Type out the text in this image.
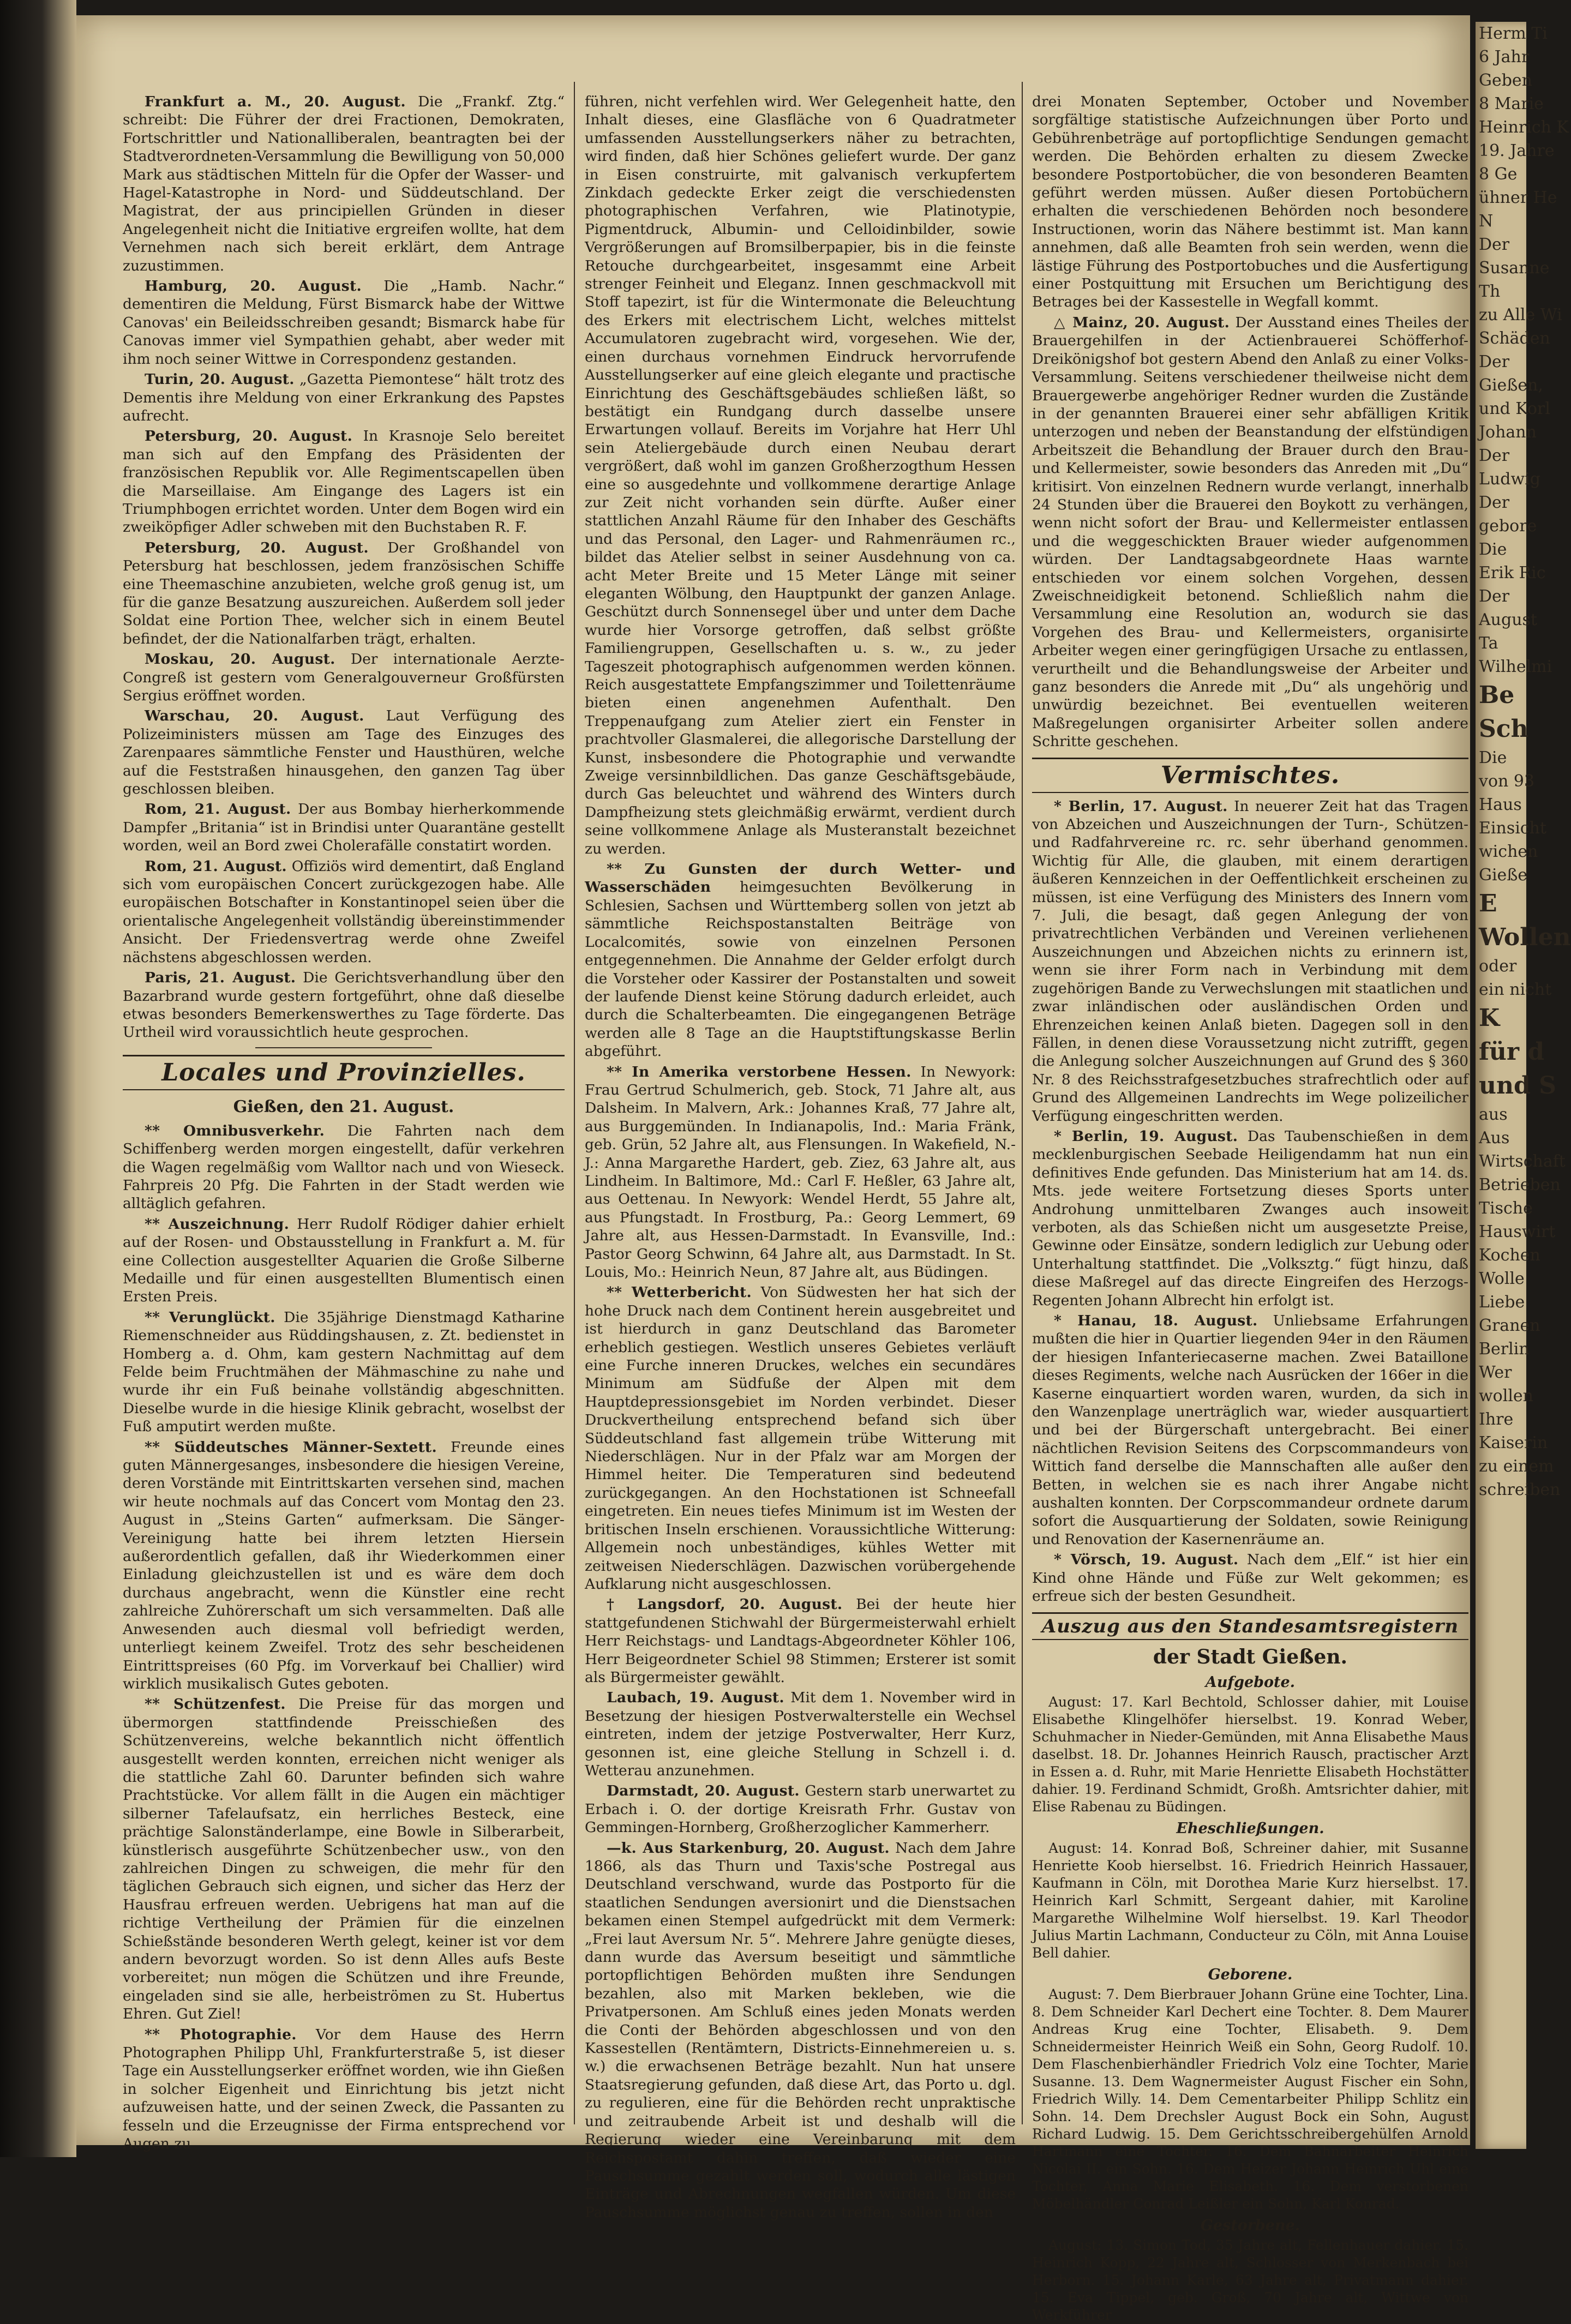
Frankfurt a. M., 20. August. Die „Frankf. Ztg.“ schreibt: Die Führer der drei Fractionen, Demokraten, Fortschrittler und Nationalliberalen, beantragten bei der Stadtverordneten-Versammlung die Bewilligung von 50,000 Mark aus städtischen Mitteln für die Opfer der Wasser- und Hagel-Katastrophe in Nord- und Süddeutschland. Der Magistrat, der aus principiellen Gründen in dieser Angelegenheit nicht die Initiative ergreifen wollte, hat dem Vernehmen nach sich bereit erklärt, dem Antrage zuzustimmen.

Hamburg, 20. August. Die „Hamb. Nachr.“ dementiren die Meldung, Fürst Bismarck habe der Wittwe Canovas' ein Beileidsschreiben gesandt; Bismarck habe für Canovas immer viel Sympathien gehabt, aber weder mit ihm noch seiner Wittwe in Correspondenz gestanden.

Turin, 20. August. „Gazetta Piemontese“ hält trotz des Dementis ihre Meldung von einer Erkrankung des Papstes aufrecht.

Petersburg, 20. August. In Krasnoje Selo bereitet man sich auf den Empfang des Präsidenten der französischen Republik vor. Alle Regimentscapellen üben die Marseillaise. Am Eingange des Lagers ist ein Triumphbogen errichtet worden. Unter dem Bogen wird ein zweiköpfiger Adler schweben mit den Buchstaben R. F.

Petersburg, 20. August. Der Großhandel von Petersburg hat beschlossen, jedem französischen Schiffe eine Theemaschine anzubieten, welche groß genug ist, um für die ganze Besatzung auszureichen. Außerdem soll jeder Soldat eine Portion Thee, welcher sich in einem Beutel befindet, der die Nationalfarben trägt, erhalten.

Moskau, 20. August. Der internationale Aerzte-Congreß ist gestern vom Generalgouverneur Großfürsten Sergius eröffnet worden.

Warschau, 20. August. Laut Verfügung des Polizeiministers müssen am Tage des Einzuges des Zarenpaares sämmtliche Fenster und Hausthüren, welche auf die Feststraßen hinausgehen, den ganzen Tag über geschlossen bleiben.

Rom, 21. August. Der aus Bombay hierherkommende Dampfer „Britania“ ist in Brindisi unter Quarantäne gestellt worden, weil an Bord zwei Cholerafälle constatirt worden.

Rom, 21. August. Offiziös wird dementirt, daß England sich vom europäischen Concert zurückgezogen habe. Alle europäischen Botschafter in Konstantinopel seien über die orientalische Angelegenheit vollständig übereinstimmender Ansicht. Der Friedensvertrag werde ohne Zweifel nächstens abgeschlossen werden.

Paris, 21. August. Die Gerichtsverhandlung über den Bazarbrand wurde gestern fortgeführt, ohne daß dieselbe etwas besonders Bemerkenswerthes zu Tage förderte. Das Urtheil wird voraussichtlich heute gesprochen.

Locales und Provinzielles.
Gießen, den 21. August.

** Omnibusverkehr. Die Fahrten nach dem Schiffenberg werden morgen eingestellt, dafür verkehren die Wagen regelmäßig vom Walltor nach und von Wieseck. Fahrpreis 20 Pfg. Die Fahrten in der Stadt werden wie alltäglich gefahren.

** Auszeichnung. Herr Rudolf Rödiger dahier erhielt auf der Rosen- und Obstausstellung in Frankfurt a. M. für eine Collection ausgestellter Aquarien die Große Silberne Medaille und für einen ausgestellten Blumentisch einen Ersten Preis.

** Verunglückt. Die 35jährige Dienstmagd Katharine Riemenschneider aus Rüddingshausen, z. Zt. bedienstet in Homberg a. d. Ohm, kam gestern Nachmittag auf dem Felde beim Fruchtmähen der Mähmaschine zu nahe und wurde ihr ein Fuß beinahe vollständig abgeschnitten. Dieselbe wurde in die hiesige Klinik gebracht, woselbst der Fuß amputirt werden mußte.

** Süddeutsches Männer-Sextett. Freunde eines guten Männergesanges, insbesondere die hiesigen Vereine, deren Vorstände mit Eintrittskarten versehen sind, machen wir heute nochmals auf das Concert vom Montag den 23. August in „Steins Garten“ aufmerksam. Die Sänger-Vereinigung hatte bei ihrem letzten Hiersein außerordentlich gefallen, daß ihr Wiederkommen einer Einladung gleichzustellen ist und es wäre dem doch durchaus angebracht, wenn die Künstler eine recht zahlreiche Zuhörerschaft um sich versammelten. Daß alle Anwesenden auch diesmal voll befriedigt werden, unterliegt keinem Zweifel. Trotz des sehr bescheidenen Eintrittspreises (60 Pfg. im Vorverkauf bei Challier) wird wirklich musikalisch Gutes geboten.

** Schützenfest. Die Preise für das morgen und übermorgen stattfindende Preisschießen des Schützenvereins, welche bekanntlich nicht öffentlich ausgestellt werden konnten, erreichen nicht weniger als die stattliche Zahl 60. Darunter befinden sich wahre Prachtstücke. Vor allem fällt in die Augen ein mächtiger silberner Tafelaufsatz, ein herrliches Besteck, eine prächtige Salonständerlampe, eine Bowle in Silberarbeit, künstlerisch ausgeführte Schützenbecher usw., von den zahlreichen Dingen zu schweigen, die mehr für den täglichen Gebrauch sich eignen, und sicher das Herz der Hausfrau erfreuen werden. Uebrigens hat man auf die richtige Vertheilung der Prämien für die einzelnen Schießstände besonderen Werth gelegt, keiner ist vor dem andern bevorzugt worden. So ist denn Alles aufs Beste vorbereitet; nun mögen die Schützen und ihre Freunde, eingeladen sind sie alle, herbeiströmen zu St. Hubertus Ehren. Gut Ziel!

** Photographie. Vor dem Hause des Herrn Photographen Philipp Uhl, Frankfurterstraße 5, ist dieser Tage ein Ausstellungserker eröffnet worden, wie ihn Gießen in solcher Eigenheit und Einrichtung bis jetzt nicht aufzuweisen hatte, und der seinen Zweck, die Passanten zu fesseln und die Erzeugnisse der Firma entsprechend vor Augen zu

führen, nicht verfehlen wird. Wer Gelegenheit hatte, den Inhalt dieses, eine Glasfläche von 6 Quadratmeter umfassenden Ausstellungserkers näher zu betrachten, wird finden, daß hier Schönes geliefert wurde. Der ganz in Eisen construirte, mit galvanisch verkupfertem Zinkdach gedeckte Erker zeigt die verschiedensten photographischen Verfahren, wie Platinotypie, Pigmentdruck, Albumin- und Celloidinbilder, sowie Vergrößerungen auf Bromsilberpapier, bis in die feinste Retouche durchgearbeitet, insgesammt eine Arbeit strenger Feinheit und Eleganz. Innen geschmackvoll mit Stoff tapezirt, ist für die Wintermonate die Beleuchtung des Erkers mit electrischem Licht, welches mittelst Accumulatoren zugebracht wird, vorgesehen. Wie der, einen durchaus vornehmen Eindruck hervorrufende Ausstellungserker auf eine gleich elegante und practische Einrichtung des Geschäftsgebäudes schließen läßt, so bestätigt ein Rundgang durch dasselbe unsere Erwartungen vollauf. Bereits im Vorjahre hat Herr Uhl sein Ateliergebäude durch einen Neubau derart vergrößert, daß wohl im ganzen Großherzogthum Hessen eine so ausgedehnte und vollkommene derartige Anlage zur Zeit nicht vorhanden sein dürfte. Außer einer stattlichen Anzahl Räume für den Inhaber des Geschäfts und das Personal, den Lager- und Rahmenräumen rc., bildet das Atelier selbst in seiner Ausdehnung von ca. acht Meter Breite und 15 Meter Länge mit seiner eleganten Wölbung, den Hauptpunkt der ganzen Anlage. Geschützt durch Sonnensegel über und unter dem Dache wurde hier Vorsorge getroffen, daß selbst größte Familiengruppen, Gesellschaften u. s. w., zu jeder Tageszeit photographisch aufgenommen werden können. Reich ausgestattete Empfangszimmer und Toilettenräume bieten einen angenehmen Aufenthalt. Den Treppenaufgang zum Atelier ziert ein Fenster in prachtvoller Glasmalerei, die allegorische Darstellung der Kunst, insbesondere die Photographie und verwandte Zweige versinnbildlichen. Das ganze Geschäftsgebäude, durch Gas beleuchtet und während des Winters durch Dampfheizung stets gleichmäßig erwärmt, verdient durch seine vollkommene Anlage als Musteranstalt bezeichnet zu werden.

** Zu Gunsten der durch Wetter- und Wasserschäden heimgesuchten Bevölkerung in Schlesien, Sachsen und Württemberg sollen von jetzt ab sämmtliche Reichspostanstalten Beiträge von Localcomités, sowie von einzelnen Personen entgegennehmen. Die Annahme der Gelder erfolgt durch die Vorsteher oder Kassirer der Postanstalten und soweit der laufende Dienst keine Störung dadurch erleidet, auch durch die Schalterbeamten. Die eingegangenen Beträge werden alle 8 Tage an die Hauptstiftungskasse Berlin abgeführt.

** In Amerika verstorbene Hessen. In Newyork: Frau Gertrud Schulmerich, geb. Stock, 71 Jahre alt, aus Dalsheim. In Malvern, Ark.: Johannes Kraß, 77 Jahre alt, aus Burggemünden. In Indianapolis, Ind.: Maria Fränk, geb. Grün, 52 Jahre alt, aus Flensungen. In Wakefield, N.-J.: Anna Margarethe Hardert, geb. Ziez, 63 Jahre alt, aus Lindheim. In Baltimore, Md.: Carl F. Heßler, 63 Jahre alt, aus Oettenau. In Newyork: Wendel Herdt, 55 Jahre alt, aus Pfungstadt. In Frostburg, Pa.: Georg Lemmert, 69 Jahre alt, aus Hessen-Darmstadt. In Evansville, Ind.: Pastor Georg Schwinn, 64 Jahre alt, aus Darmstadt. In St. Louis, Mo.: Heinrich Neun, 87 Jahre alt, aus Büdingen.

** Wetterbericht. Von Südwesten her hat sich der hohe Druck nach dem Continent herein ausgebreitet und ist hierdurch in ganz Deutschland das Barometer erheblich gestiegen. Westlich unseres Gebietes verläuft eine Furche inneren Druckes, welches ein secundäres Minimum am Südfuße der Alpen mit dem Hauptdepressionsgebiet im Norden verbindet. Dieser Druckvertheilung entsprechend befand sich über Süddeutschland fast allgemein trübe Witterung mit Niederschlägen. Nur in der Pfalz war am Morgen der Himmel heiter. Die Temperaturen sind bedeutend zurückgegangen. An den Hochstationen ist Schneefall eingetreten. Ein neues tiefes Minimum ist im Westen der britischen Inseln erschienen. Voraussichtliche Witterung: Allgemein noch unbeständiges, kühles Wetter mit zeitweisen Niederschlägen. Dazwischen vorübergehende Aufklarung nicht ausgeschlossen.

† Langsdorf, 20. August. Bei der heute hier stattgefundenen Stichwahl der Bürgermeisterwahl erhielt Herr Reichstags- und Landtags-Abgeordneter Köhler 106, Herr Beigeordneter Schiel 98 Stimmen; Ersterer ist somit als Bürgermeister gewählt.

Laubach, 19. August. Mit dem 1. November wird in Besetzung der hiesigen Postverwalterstelle ein Wechsel eintreten, indem der jetzige Postverwalter, Herr Kurz, gesonnen ist, eine gleiche Stellung in Schzell i. d. Wetterau anzunehmen.

Darmstadt, 20. August. Gestern starb unerwartet zu Erbach i. O. der dortige Kreisrath Frhr. Gustav von Gemmingen-Hornberg, Großherzoglicher Kammerherr.

—k. Aus Starkenburg, 20. August. Nach dem Jahre 1866, als das Thurn und Taxis'sche Postregal aus Deutschland verschwand, wurde das Postporto für die staatlichen Sendungen aversionirt und die Dienstsachen bekamen einen Stempel aufgedrückt mit dem Vermerk: „Frei laut Aversum Nr. 5“. Mehrere Jahre genügte dieses, dann wurde das Aversum beseitigt und sämmtliche portopflichtigen Behörden mußten ihre Sendungen bezahlen, also mit Marken bekleben, wie die Privatpersonen. Am Schluß eines jeden Monats werden die Conti der Behörden abgeschlossen und von den Kassestellen (Rentämtern, Districts-Einnehmereien u. s. w.) die erwachsenen Beträge bezahlt. Nun hat unsere Staatsregierung gefunden, daß diese Art, das Porto u. dgl. zu regulieren, eine für die Behörden recht unpraktische und zeitraubende Arbeit ist und deshalb will die Regierung wieder eine Vereinbarung mit dem Reichspostamt dahin treffen, daß wieder eine Pauschsumme gezahlt werden soll, wodurch alle lästigen Einträge und Abrechnungen wegfallen würden. Um diese Pauschsumme möglichst genau zu treffen, sollen in den

drei Monaten September, October und November sorgfältige statistische Aufzeichnungen über Porto und Gebührenbeträge auf portopflichtige Sendungen gemacht werden. Die Behörden erhalten zu diesem Zwecke besondere Postportobücher, die von besonderen Beamten geführt werden müssen. Außer diesen Portobüchern erhalten die verschiedenen Behörden noch besondere Instructionen, worin das Nähere bestimmt ist. Man kann annehmen, daß alle Beamten froh sein werden, wenn die lästige Führung des Postportobuches und die Ausfertigung einer Postquittung mit Ersuchen um Berichtigung des Betrages bei der Kassestelle in Wegfall kommt.

△ Mainz, 20. August. Der Ausstand eines Theiles der Brauergehilfen in der Actienbrauerei Schöfferhof-Dreikönigshof bot gestern Abend den Anlaß zu einer Volks-Versammlung. Seitens verschiedener theilweise nicht dem Brauergewerbe angehöriger Redner wurden die Zustände in der genannten Brauerei einer sehr abfälligen Kritik unterzogen und neben der Beanstandung der elfstündigen Arbeitszeit die Behandlung der Brauer durch den Brau- und Kellermeister, sowie besonders das Anreden mit „Du“ kritisirt. Von einzelnen Rednern wurde verlangt, innerhalb 24 Stunden über die Brauerei den Boykott zu verhängen, wenn nicht sofort der Brau- und Kellermeister entlassen und die weggeschickten Brauer wieder aufgenommen würden. Der Landtagsabgeordnete Haas warnte entschieden vor einem solchen Vorgehen, dessen Zweischneidigkeit betonend. Schließlich nahm die Versammlung eine Resolution an, wodurch sie das Vorgehen des Brau- und Kellermeisters, organisirte Arbeiter wegen einer geringfügigen Ursache zu entlassen, verurtheilt und die Behandlungsweise der Arbeiter und ganz besonders die Anrede mit „Du“ als ungehörig und unwürdig bezeichnet. Bei eventuellen weiteren Maßregelungen organisirter Arbeiter sollen andere Schritte geschehen.

Vermischtes.

* Berlin, 17. August. In neuerer Zeit hat das Tragen von Abzeichen und Auszeichnungen der Turn-, Schützen- und Radfahrvereine rc. rc. sehr überhand genommen. Wichtig für Alle, die glauben, mit einem derartigen äußeren Kennzeichen in der Oeffentlichkeit erscheinen zu müssen, ist eine Verfügung des Ministers des Innern vom 7. Juli, die besagt, daß gegen Anlegung der von privatrechtlichen Verbänden und Vereinen verliehenen Auszeichnungen und Abzeichen nichts zu erinnern ist, wenn sie ihrer Form nach in Verbindung mit dem zugehörigen Bande zu Verwechslungen mit staatlichen und zwar inländischen oder ausländischen Orden und Ehrenzeichen keinen Anlaß bieten. Dagegen soll in den Fällen, in denen diese Voraussetzung nicht zutrifft, gegen die Anlegung solcher Auszeichnungen auf Grund des § 360 Nr. 8 des Reichsstrafgesetzbuches strafrechtlich oder auf Grund des Allgemeinen Landrechts im Wege polizeilicher Verfügung eingeschritten werden.

* Berlin, 19. August. Das Taubenschießen in dem mecklenburgischen Seebade Heiligendamm hat nun ein definitives Ende gefunden. Das Ministerium hat am 14. ds. Mts. jede weitere Fortsetzung dieses Sports unter Androhung unmittelbaren Zwanges auch insoweit verboten, als das Schießen nicht um ausgesetzte Preise, Gewinne oder Einsätze, sondern lediglich zur Uebung oder Unterhaltung stattfindet. Die „Volksztg.“ fügt hinzu, daß diese Maßregel auf das directe Eingreifen des Herzogs-Regenten Johann Albrecht hin erfolgt ist.

* Hanau, 18. August. Unliebsame Erfahrungen mußten die hier in Quartier liegenden 94er in den Räumen der hiesigen Infanteriecaserne machen. Zwei Bataillone dieses Regiments, welche nach Ausrücken der 166er in die Kaserne einquartiert worden waren, wurden, da sich in den Wanzenplage unerträglich war, wieder ausquartiert und bei der Bürgerschaft untergebracht. Bei einer nächtlichen Revision Seitens des Corpscommandeurs von Wittich fand derselbe die Mannschaften alle außer den Betten, in welchen sie es nach ihrer Angabe nicht aushalten konnten. Der Corpscommandeur ordnete darum sofort die Ausquartierung der Soldaten, sowie Reinigung und Renovation der Kasernenräume an.

* Vörsch, 19. August. Nach dem „Elf.“ ist hier ein Kind ohne Hände und Füße zur Welt gekommen; es erfreue sich der besten Gesundheit.

Auszug aus den Standesamtsregistern
der Stadt Gießen.
Aufgebote.

August: 17. Karl Bechtold, Schlosser dahier, mit Louise Elisabethe Klingelhöfer hierselbst. 19. Konrad Weber, Schuhmacher in Nieder-Gemünden, mit Anna Elisabethe Maus daselbst. 18. Dr. Johannes Heinrich Rausch, practischer Arzt in Essen a. d. Ruhr, mit Marie Henriette Elisabeth Hochstätter dahier. 19. Ferdinand Schmidt, Großh. Amtsrichter dahier, mit Elise Rabenau zu Büdingen.

Eheschließungen.

August: 14. Konrad Boß, Schreiner dahier, mit Susanne Henriette Koob hierselbst. 16. Friedrich Heinrich Hassauer, Kaufmann in Cöln, mit Dorothea Marie Kurz hierselbst. 17. Heinrich Karl Schmitt, Sergeant dahier, mit Karoline Margarethe Wilhelmine Wolf hierselbst. 19. Karl Theodor Julius Martin Lachmann, Conducteur zu Cöln, mit Anna Louise Bell dahier.

Geborene.

August: 7. Dem Bierbrauer Johann Grüne eine Tochter, Lina. 8. Dem Schneider Karl Dechert eine Tochter. 8. Dem Maurer Andreas Krug eine Tochter, Elisabeth. 9. Dem Schneidermeister Heinrich Weiß ein Sohn, Georg Rudolf. 10. Dem Flaschenbierhändler Friedrich Volz eine Tochter, Marie Susanne. 13. Dem Wagnermeister August Fischer ein Sohn, Friedrich Willy. 14. Dem Cementarbeiter Philipp Schlitz ein Sohn. 14. Dem Drechsler August Bock ein Sohn, August Richard Ludwig. 15. Dem Gerichtsschreibergehülfen Arnold Hartmann eine Tochter. 16. Dem Bahnarbeiter Heinrich Nicolai II. ein Sohn. 16. Dem Heizer Johann Heinrich Uhl eine Tochter, Anna Marie Elisabeth. 16. Dem verstorbenen Möbelhändler Conrad Leißler ein Sohn, Karl Konrad.

Gestorbene.

August: 13. Simon Tod, 35 Jahre alt, Fellenhauer dahier. 15. Heinrich Kopp, 22 Jahre alt, Schlosser von Merkenbach bei Herborn. 15. Johann Karle, 63 Jahre alt, Privatmann dahier. 15. Eva Tippel, geb. Groß, 70 Jahre alt, Wittwe von Werkführer

Herm Ti
6 Jahr
Geben
8 Marie
Heinrich K
19. Jahre
8 Ge
ühner He
N
Der
Susanne
Th
zu Alle Wi
Schäden
Der
Gießen,
und Korl
Johann
Der
Ludwig
Der
gebore
Die
Erik Ric
Der
August
Ta
Wilhelmi
Be
Sch
Die
von 93
Haus
Einsicht
wichen
Gieße
E
Wollen
oder
ein nicht
K
für d
und S
aus
Aus
Wirtschaft
Betrieben
Tische
Hauswirt
Kochen
Wolle
Liebe
Granen
Berlin
Wer
wollen
Ihre
Kaiserin
zu einem
schreiben
